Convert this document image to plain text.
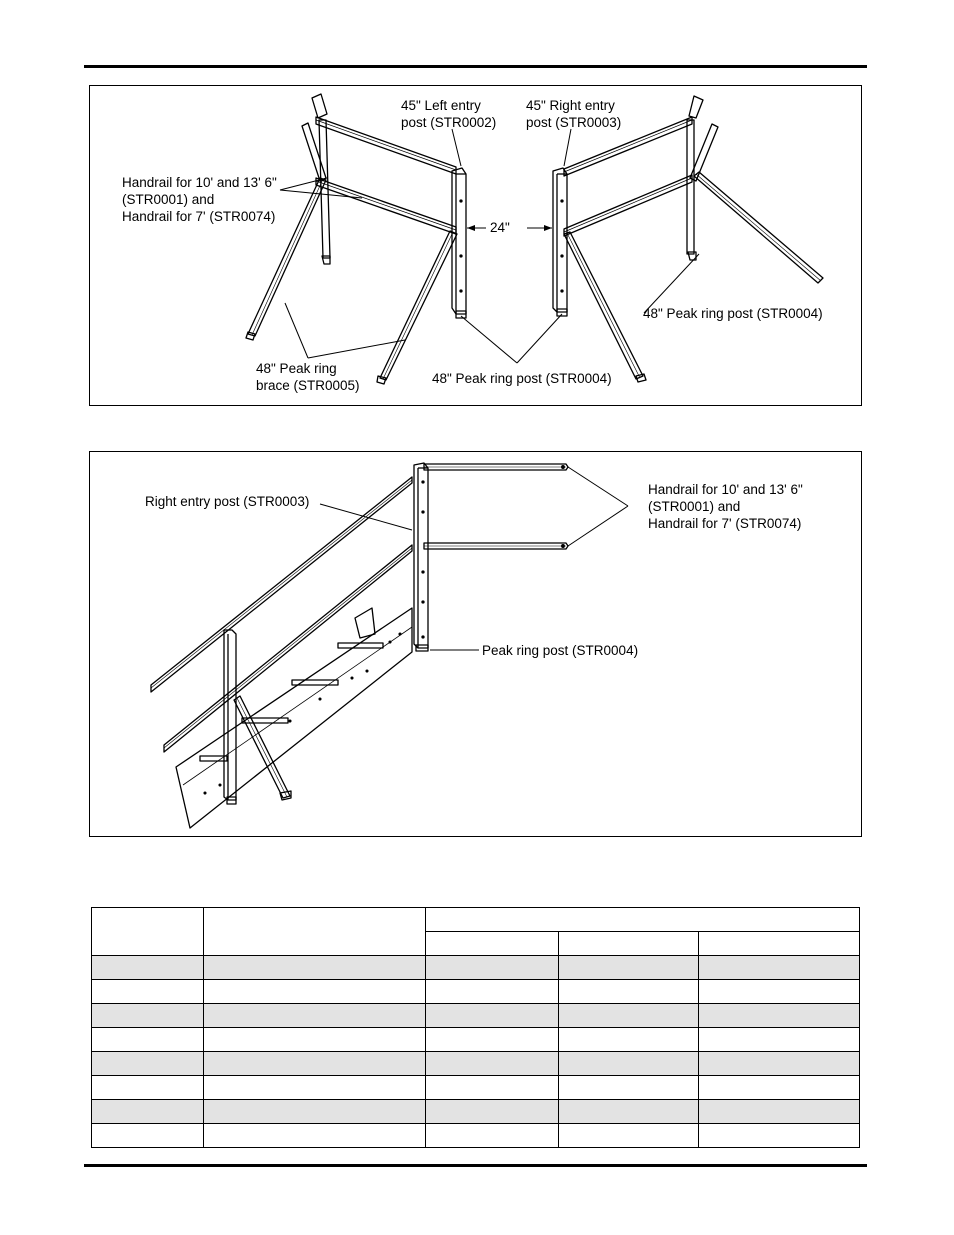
45" Left entry
post (STR0002)
45" Right entry
post (STR0003)
Handrail for 10' and 13' 6"
(STR0001) and
Handrail for 7' (STR0074)
24"
48" Peak ring post (STR0004)
48" Peak ring
brace (STR0005)	48" Peak ring post (STR0004)
Right entry post (STR0003)
Handrail for 10' and 13' 6"
(STR0001) and
Handrail for 7' (STR0074)
Peak ring post (STR0004)
